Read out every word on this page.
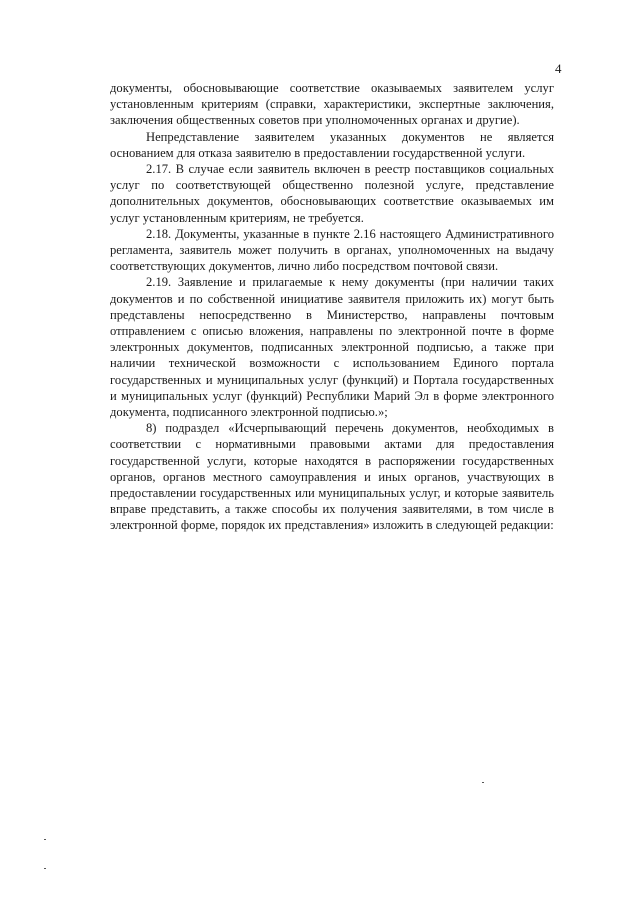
4

документы, обосновывающие соответствие оказываемых заявителем услуг установленным критериям (справки, характеристики, экспертные заключения, заключения общественных советов при уполномоченных органах и другие).

Непредставление заявителем указанных документов не является основанием для отказа заявителю в предоставлении государственной услуги.

2.17. В случае если заявитель включен в реестр поставщиков социальных услуг по соответствующей общественно полезной услуге, представление дополнительных документов, обосновывающих соответствие оказываемых им услуг установленным критериям, не требуется.

2.18. Документы, указанные в пункте 2.16 настоящего Административного регламента, заявитель может получить в органах, уполномоченных на выдачу соответствующих документов, лично либо посредством почтовой связи.

2.19. Заявление и прилагаемые к нему документы (при наличии таких документов и по собственной инициативе заявителя приложить их) могут быть представлены непосредственно в Министерство, направлены почтовым отправлением с описью вложения, направлены по электронной почте в форме электронных документов, подписанных электронной подписью, а также при наличии технической возможности с использованием Единого портала государственных и муниципальных услуг (функций) и Портала государственных и муниципальных услуг (функций) Республики Марий Эл в форме электронного документа, подписанного электронной подписью.»;

8) подраздел «Исчерпывающий перечень документов, необходимых в соответствии с нормативными правовыми актами для предоставления государственной услуги, которые находятся в распоряжении государственных органов, органов местного самоуправления и иных органов, участвующих в предоставлении государственных или муниципальных услуг, и которые заявитель вправе представить, а также способы их получения заявителями, в том числе в электронной форме, порядок их представления» изложить в следующей редакции:
